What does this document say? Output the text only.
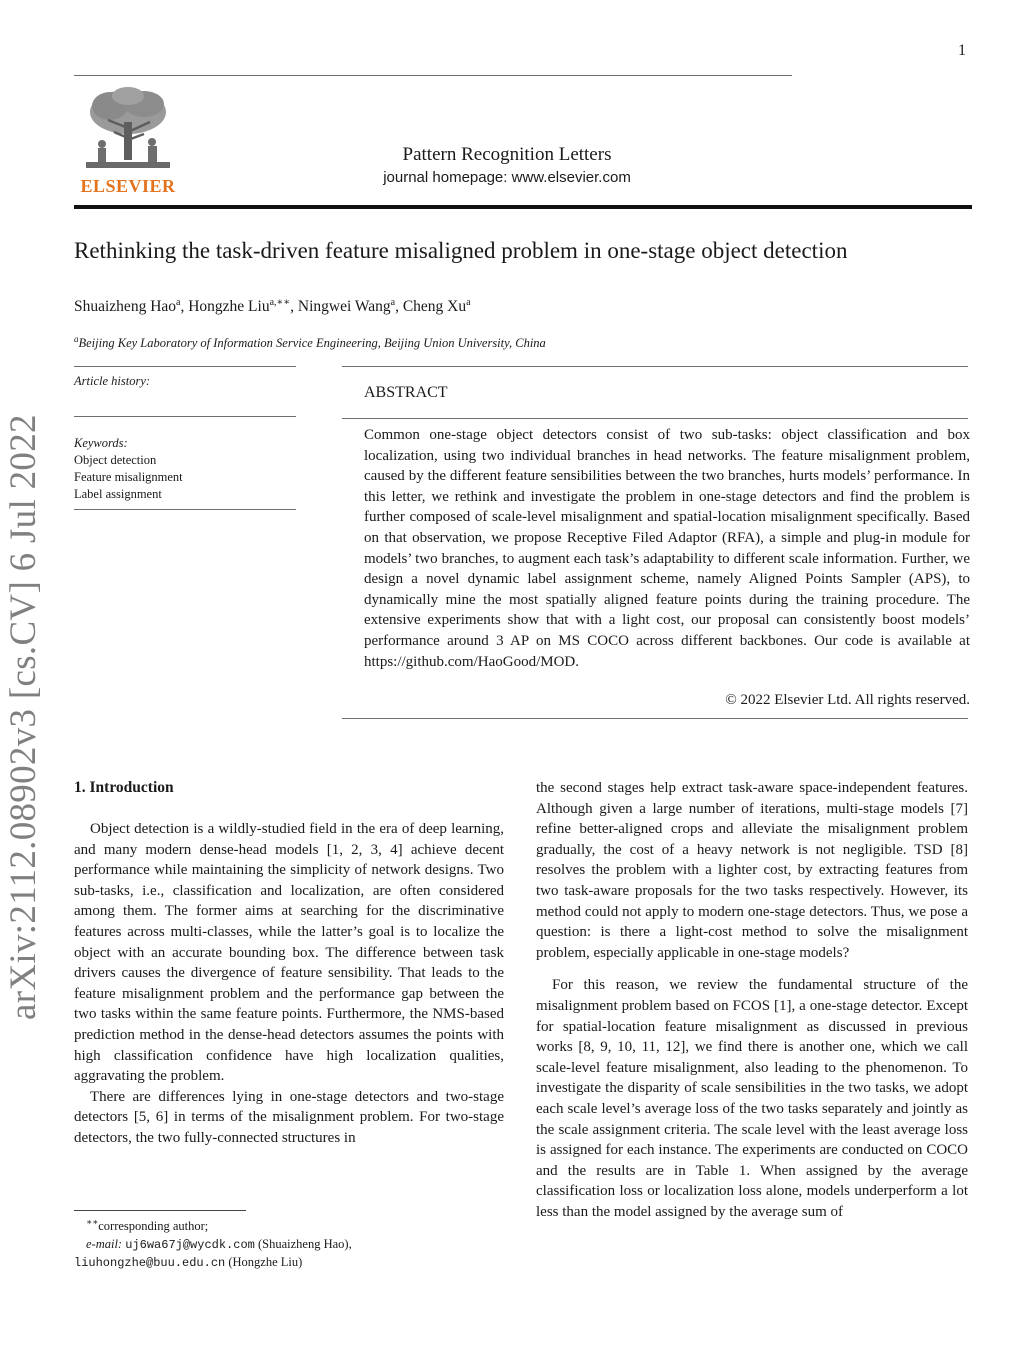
1
ELSEVIER
Pattern Recognition Letters
journal homepage: www.elsevier.com
Rethinking the task-driven feature misaligned problem in one-stage object detection
Shuaizheng Hao$^a$, Hongzhe Liu$^{a,∗∗}$, Ningwei Wang$^a$, Cheng Xu$^a$
$^a$Beijing Key Laboratory of Information Service Engineering, Beijing Union University, China
Article history:
Keywords:
Object detection
Feature misalignment
Label assignment
ABSTRACT
Common one-stage object detectors consist of two sub-tasks: object classification and box localization, using two individual branches in head networks. The feature misalignment problem, caused by the different feature sensibilities between the two branches, hurts models’ performance. In this letter, we rethink and investigate the problem in one-stage detectors and find the problem is further composed of scale-level misalignment and spatial-location misalignment specifically. Based on that observation, we propose Receptive Filed Adaptor (RFA), a simple and plug-in module for models’ two branches, to augment each task’s adaptability to different scale information. Further, we design a novel dynamic label assignment scheme, namely Aligned Points Sampler (APS), to dynamically mine the most spatially aligned feature points during the training procedure. The extensive experiments show that with a light cost, our proposal can consistently boost models’ performance around 3 AP on MS COCO across different backbones. Our code is available at https://github.com/HaoGood/MOD.
© 2022 Elsevier Ltd. All rights reserved.
1. Introduction

Object detection is a wildly-studied field in the era of deep learning, and many modern dense-head models [1, 2, 3, 4] achieve decent performance while maintaining the simplicity of network designs. Two sub-tasks, i.e., classification and localization, are often considered among them. The former aims at searching for the discriminative features across multi-classes, while the latter’s goal is to localize the object with an accurate bounding box. The difference between task drivers causes the divergence of feature sensibility. That leads to the feature misalignment problem and the performance gap between the two tasks within the same feature points. Furthermore, the NMS-based prediction method in the dense-head detectors assumes the points with high classification confidence have high localization qualities, aggravating the problem.

There are differences lying in one-stage detectors and two-stage detectors [5, 6] in terms of the misalignment problem. For two-stage detectors, the two fully-connected structures in

the second stages help extract task-aware space-independent features. Although given a large number of iterations, multi-stage models [7] refine better-aligned crops and alleviate the misalignment problem gradually, the cost of a heavy network is not negligible. TSD [8] resolves the problem with a lighter cost, by extracting features from two task-aware proposals for the two tasks respectively. However, its method could not apply to modern one-stage detectors. Thus, we pose a question: is there a light-cost method to solve the misalignment problem, especially applicable in one-stage models?

For this reason, we review the fundamental structure of the misalignment problem based on FCOS [1], a one-stage detector. Except for spatial-location feature misalignment as discussed in previous works [8, 9, 10, 11, 12], we find there is another one, which we call scale-level feature misalignment, also leading to the phenomenon. To investigate the disparity of scale sensibilities in the two tasks, we adopt each scale level’s average loss of the two tasks separately and jointly as the scale assignment criteria. The scale level with the least average loss is assigned for each instance. The experiments are conducted on COCO and the results are in Table 1. When assigned by the average classification loss or localization loss alone, models underperform a lot less than the model assigned by the average sum of

∗∗corresponding author;
e-mail: uj6wa67j@wycdk.com (Shuaizheng Hao),
liuhongzhe@buu.edu.cn (Hongzhe Liu)
arXiv:2112.08902v3 [cs.CV] 6 Jul 2022
